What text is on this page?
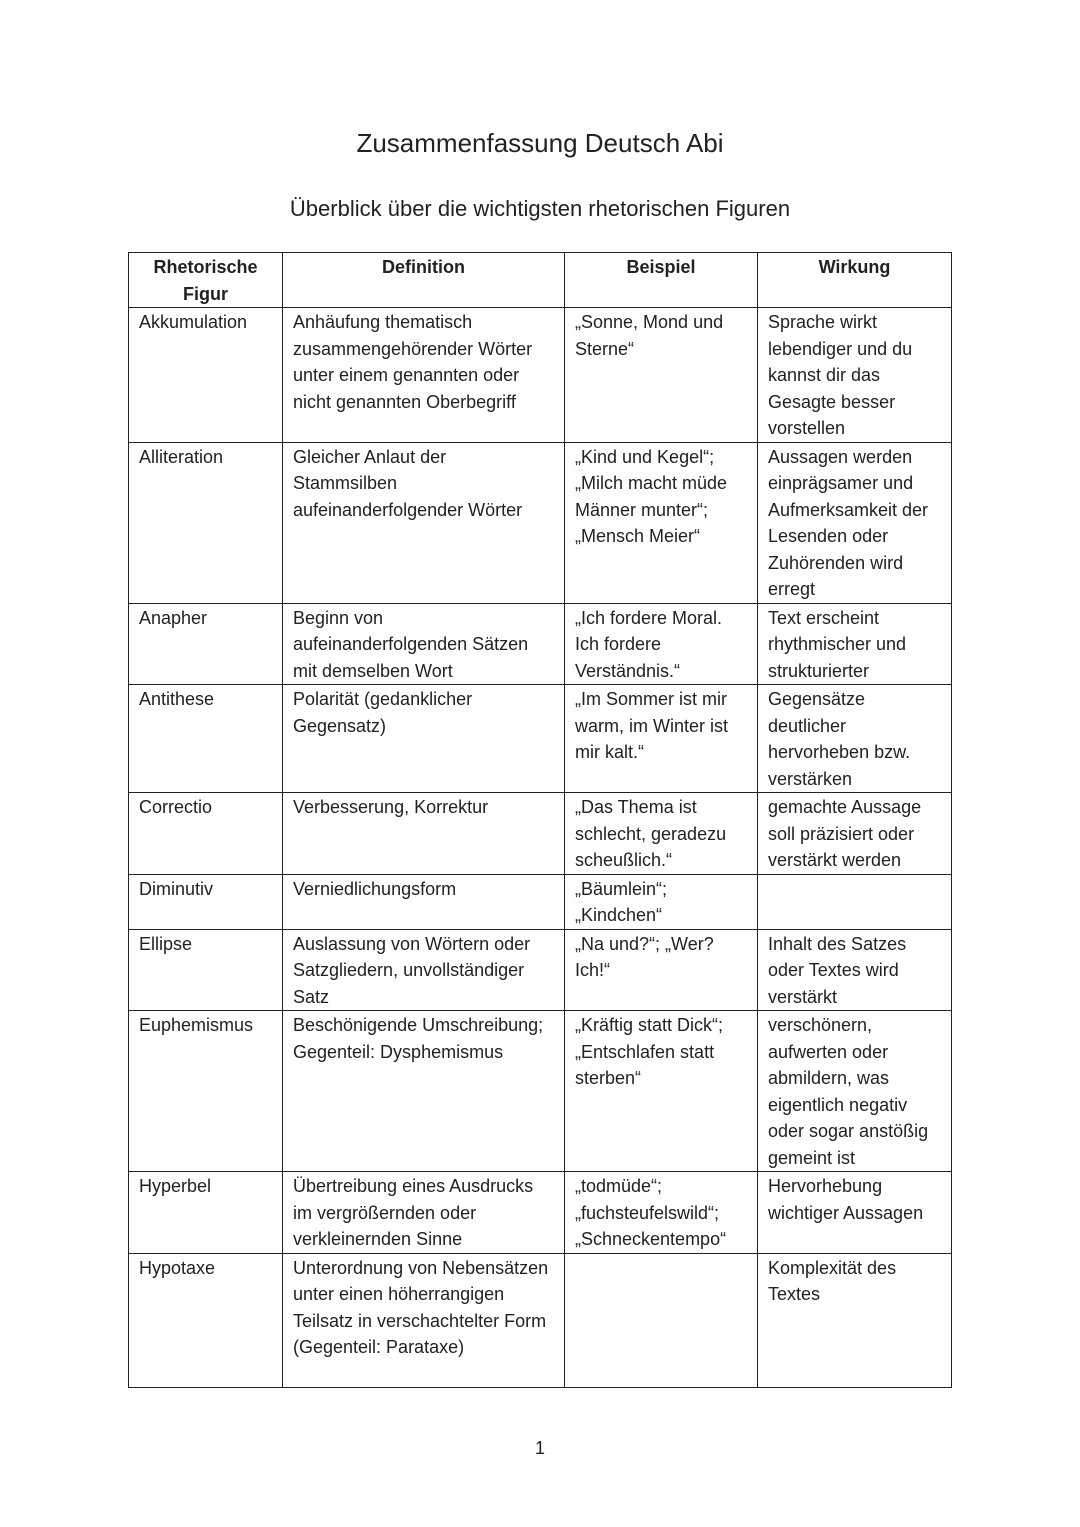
Zusammenfassung Deutsch Abi
Überblick über die wichtigsten rhetorischen Figuren
Rhetorische Figur	Definition	Beispiel	Wirkung
Akkumulation	Anhäufung thematisch zusammengehörender Wörter unter einem genannten oder nicht genannten Oberbegriff	„Sonne, Mond und Sterne“	Sprache wirkt lebendiger und du kannst dir das Gesagte besser vorstellen
Alliteration	Gleicher Anlaut der Stammsilben aufeinanderfolgender Wörter	„Kind und Kegel“; „Milch macht müde Männer munter“; „Mensch Meier“	Aussagen werden einprägsamer und Aufmerksamkeit der Lesenden oder Zuhörenden wird erregt
Anapher	Beginn von aufeinanderfolgenden Sätzen mit demselben Wort	„Ich fordere Moral. Ich fordere Verständnis.“	Text erscheint rhythmischer und strukturierter
Antithese	Polarität (gedanklicher Gegensatz)	„Im Sommer ist mir warm, im Winter ist mir kalt.“	Gegensätze deutlicher hervorheben bzw. verstärken
Correctio	Verbesserung, Korrektur	„Das Thema ist schlecht, geradezu scheußlich.“	gemachte Aussage soll präzisiert oder verstärkt werden
Diminutiv	Verniedlichungsform	„Bäumlein“; „Kindchen“	
Ellipse	Auslassung von Wörtern oder Satzgliedern, unvollständiger Satz	„Na und?“; „Wer? Ich!“	Inhalt des Satzes oder Textes wird verstärkt
Euphemismus	Beschönigende Umschreibung; Gegenteil: Dysphemismus	„Kräftig statt Dick“; „Entschlafen statt sterben“	verschönern, aufwerten oder abmildern, was eigentlich negativ oder sogar anstößig gemeint ist
Hyperbel	Übertreibung eines Ausdrucks im vergrößernden oder verkleinernden Sinne	„todmüde“; „fuchsteufelswild“; „Schneckentempo“	Hervorhebung wichtiger Aussagen
Hypotaxe	Unterordnung von Nebensätzen unter einen höherrangigen Teilsatz in verschachtelter Form (Gegenteil: Parataxe)		Komplexität des Textes
1
